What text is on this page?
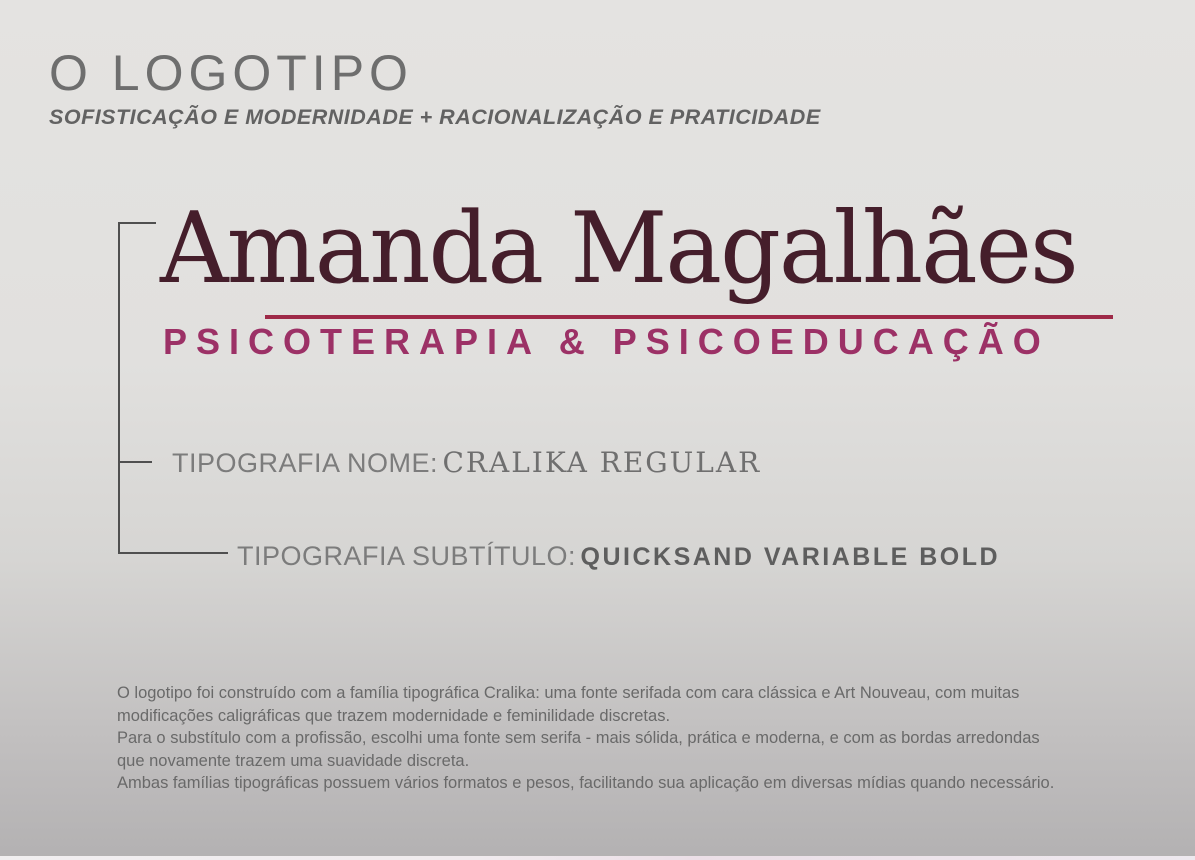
O LOGOTIPO
SOFISTICAÇÃO E MODERNIDADE + RACIONALIZAÇÃO E PRATICIDADE
Amanda Magalhães
PSICOTERAPIA & PSICOEDUCAÇÃO
TIPOGRAFIA NOME: CRALIKA REGULAR
TIPOGRAFIA SUBTÍTULO: QUICKSAND VARIABLE BOLD
O logotipo foi construído com a família tipográfica Cralika: uma fonte serifada com cara clássica e Art Nouveau, com muitas modificações caligráficas que trazem modernidade e feminilidade discretas.
Para o substítulo com a profissão, escolhi uma fonte sem serifa - mais sólida, prática e moderna, e com as bordas arredondas que novamente trazem uma suavidade discreta.
Ambas famílias tipográficas possuem vários formatos e pesos, facilitando sua aplicação em diversas mídias quando necessário.
